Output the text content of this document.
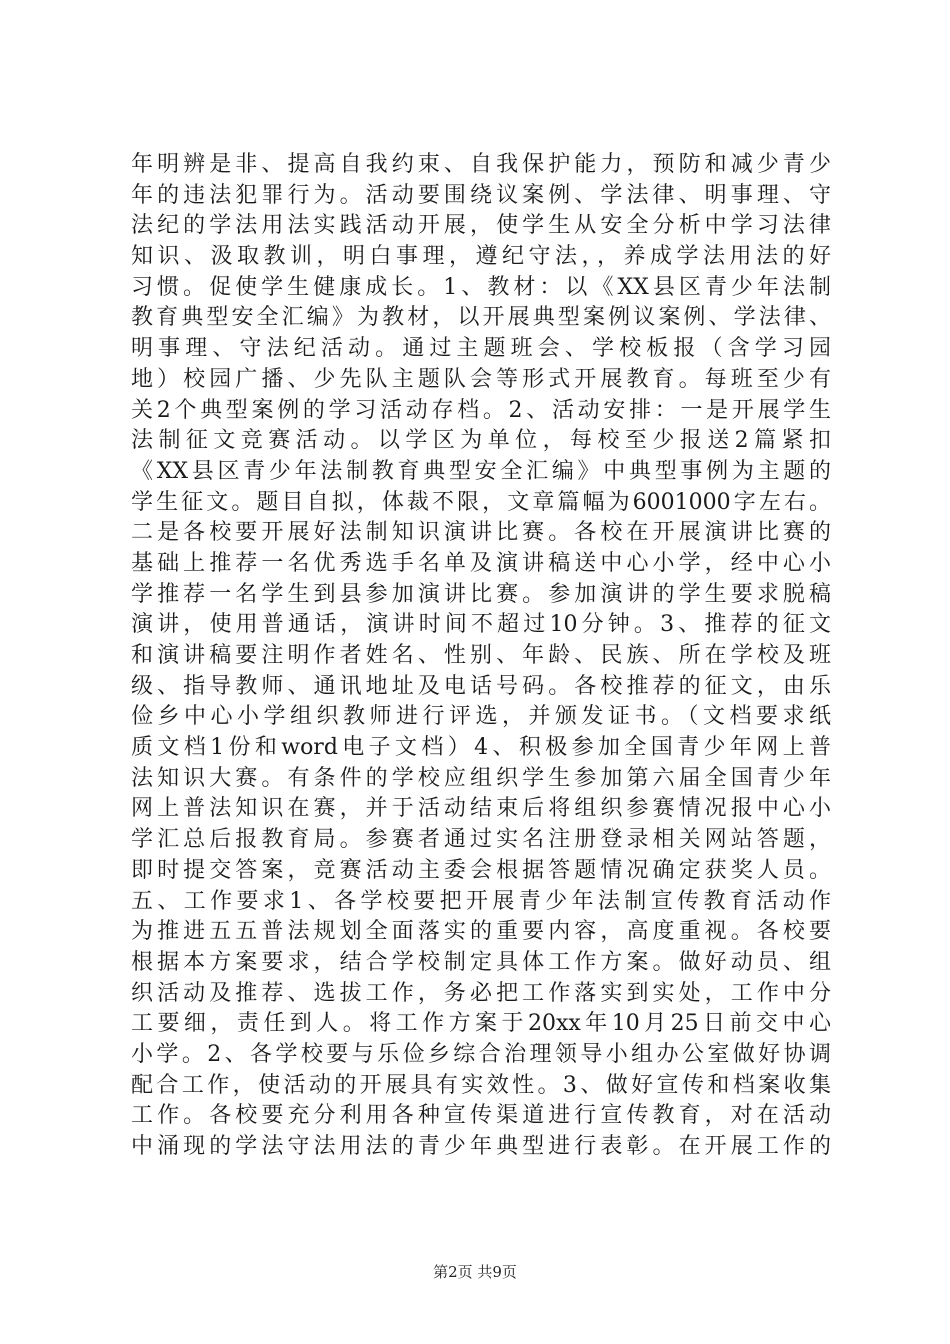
年明辨是非、提高自我约束、自我保护能力，预防和减少青少
年的违法犯罪行为。活动要围绕议案例、学法律、明事理、守
法纪的学法用法实践活动开展，使学生从安全分析中学习法律
知识、汲取教训，明白事理，遵纪守法，，养成学法用法的好
习惯。促使学生健康成长。1、教材：以《XX县区青少年法制
教育典型安全汇编》为教材，以开展典型案例议案例、学法律、
明事理、守法纪活动。通过主题班会、学校板报（含学习园
地）校园广播、少先队主题队会等形式开展教育。每班至少有
关2个典型案例的学习活动存档。2、活动安排：一是开展学生
法制征文竞赛活动。以学区为单位，每校至少报送2篇紧扣
《XX县区青少年法制教育典型安全汇编》中典型事例为主题的
学生征文。题目自拟，体裁不限，文章篇幅为6001000字左右。
二是各校要开展好法制知识演讲比赛。各校在开展演讲比赛的
基础上推荐一名优秀选手名单及演讲稿送中心小学，经中心小
学推荐一名学生到县参加演讲比赛。参加演讲的学生要求脱稿
演讲，使用普通话，演讲时间不超过10分钟。3、推荐的征文
和演讲稿要注明作者姓名、性别、年龄、民族、所在学校及班
级、指导教师、通讯地址及电话号码。各校推荐的征文，由乐
俭乡中心小学组织教师进行评选，并颁发证书。（文档要求纸
质文档1份和word电子文档）4、积极参加全国青少年网上普
法知识大赛。有条件的学校应组织学生参加第六届全国青少年
网上普法知识在赛，并于活动结束后将组织参赛情况报中心小
学汇总后报教育局。参赛者通过实名注册登录相关网站答题，
即时提交答案，竞赛活动主委会根据答题情况确定获奖人员。
五、工作要求1、各学校要把开展青少年法制宣传教育活动作
为推进五五普法规划全面落实的重要内容，高度重视。各校要
根据本方案要求，结合学校制定具体工作方案。做好动员、组
织活动及推荐、选拔工作，务必把工作落实到实处，工作中分
工要细，责任到人。将工作方案于20xx年10月25日前交中心
小学。2、各学校要与乐俭乡综合治理领导小组办公室做好协调
配合工作，使活动的开展具有实效性。3、做好宣传和档案收集
工作。各校要充分利用各种宣传渠道进行宣传教育，对在活动
中涌现的学法守法用法的青少年典型进行表彰。在开展工作的
第2页 共9页
